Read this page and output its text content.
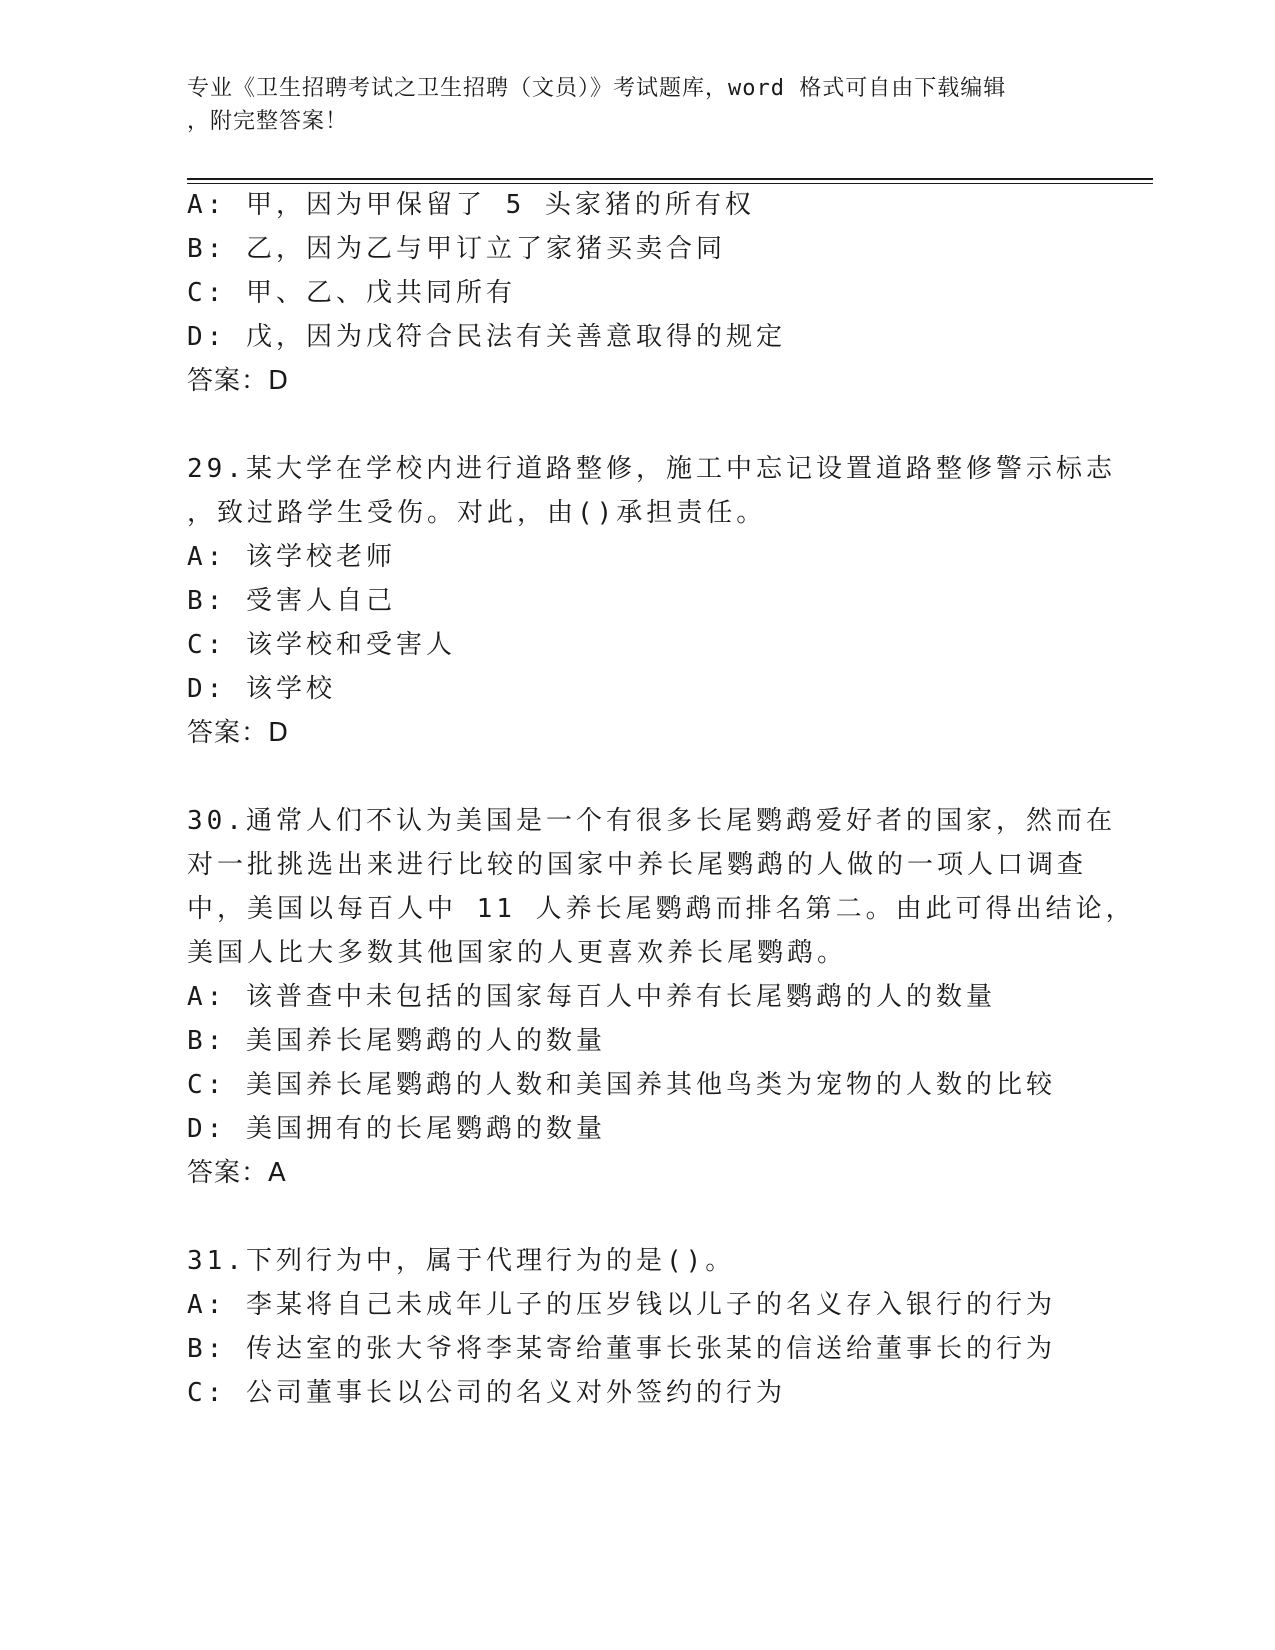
专业《卫生招聘考试之卫生招聘（文员）》考试题库，word 格式可自由下载编辑
，附完整答案！
A: 甲，因为甲保留了 5 头家猪的所有权
B: 乙，因为乙与甲订立了家猪买卖合同
C: 甲、乙、戊共同所有
D: 戊，因为戊符合民法有关善意取得的规定
答案：D
29.某大学在学校内进行道路整修，施工中忘记设置道路整修警示标志
，致过路学生受伤。对此，由()承担责任。
A: 该学校老师
B: 受害人自己
C: 该学校和受害人
D: 该学校
答案：D
30.通常人们不认为美国是一个有很多长尾鹦鹉爱好者的国家，然而在
对一批挑选出来进行比较的国家中养长尾鹦鹉的人做的一项人口调查
中，美国以每百人中 11 人养长尾鹦鹉而排名第二。由此可得出结论，
美国人比大多数其他国家的人更喜欢养长尾鹦鹉。
A: 该普查中未包括的国家每百人中养有长尾鹦鹉的人的数量
B: 美国养长尾鹦鹉的人的数量
C: 美国养长尾鹦鹉的人数和美国养其他鸟类为宠物的人数的比较
D: 美国拥有的长尾鹦鹉的数量
答案：A
31.下列行为中，属于代理行为的是()。
A: 李某将自己未成年儿子的压岁钱以儿子的名义存入银行的行为
B: 传达室的张大爷将李某寄给董事长张某的信送给董事长的行为
C: 公司董事长以公司的名义对外签约的行为
